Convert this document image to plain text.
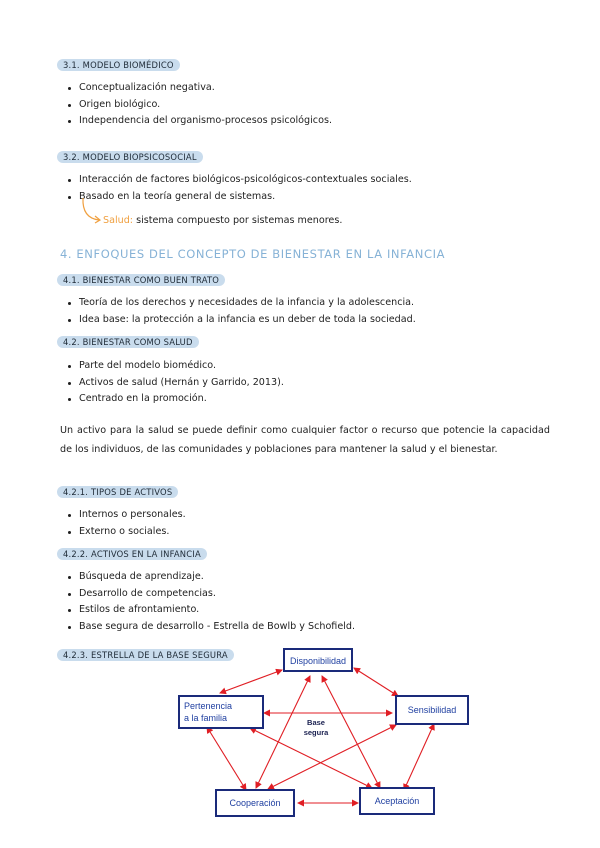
3.1. MODELO BIOMÉDICO
Conceptualización negativa.
Origen biológico.
Independencia del organismo-procesos psicológicos.
3.2. MODELO BIOPSICOSOCIAL
Interacción de factores biológicos-psicológicos-contextuales sociales.
Basado en la teoría general de sistemas.
Salud: sistema compuesto por sistemas menores.
4. ENFOQUES DEL CONCEPTO DE BIENESTAR EN LA INFANCIA
4.1. BIENESTAR COMO BUEN TRATO
Teoría de los derechos y necesidades de la infancia y la adolescencia.
Idea base: la protección a la infancia es un deber de toda la sociedad.
4.2. BIENESTAR COMO SALUD
Parte del modelo biomédico.
Activos de salud (Hernán y Garrido, 2013).
Centrado en la promoción.
Un activo para la salud se puede definir como cualquier factor o recurso que potencie la capacidad de los individuos, de las comunidades y poblaciones para mantener la salud y el bienestar.
4.2.1. TIPOS DE ACTIVOS
Internos o personales.
Externo o sociales.
4.2.2. ACTIVOS EN LA INFANCIA
Búsqueda de aprendizaje.
Desarrollo de competencias.
Estilos de afrontamiento.
Base segura de desarrollo - Estrella de Bowlb y Schofield.
4.2.3. ESTRELLA DE LA BASE SEGURA
Disponibilidad
Pertenencia
a la familia
Sensibilidad
Cooperación	Aceptación
Base
segura
